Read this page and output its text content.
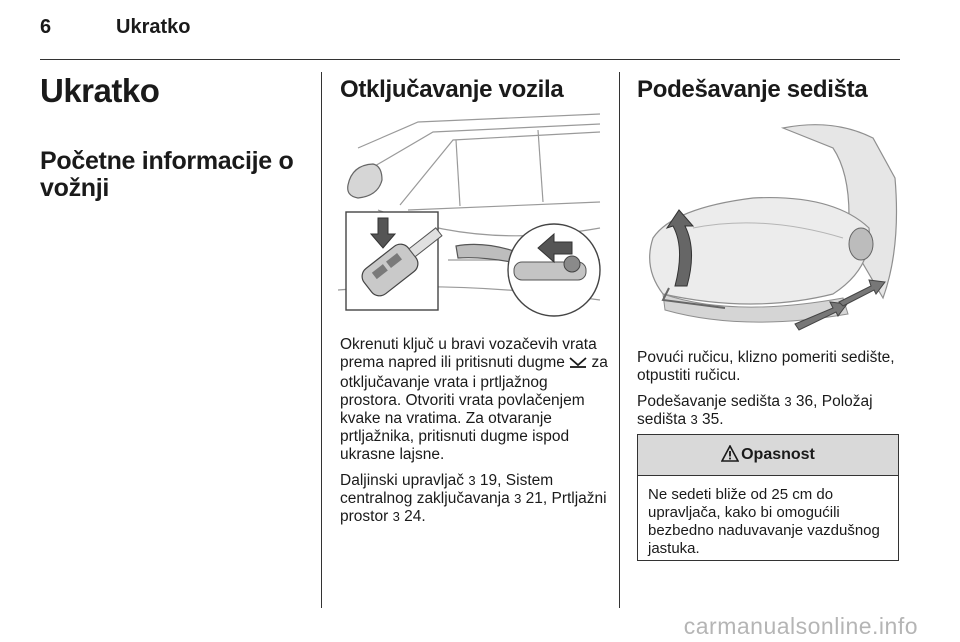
6	Ukratko
Ukratko
Početne informacije o vožnji
Otključavanje vozila

Okrenuti ključ u bravi vozačevih vrata prema napred ili pritisnuti dugme  za otključavanje vrata i prtljažnog prostora. Otvoriti vrata povlačenjem kvake na vratima. Za otvaranje prtljažnika, pritisnuti dugme ispod ukrasne lajsne.

Daljinski upravljač 3 19, Sistem centralnog zaključavanja 3 21, Prtljažni prostor 3 24.

Podešavanje sedišta

Povući ručicu, klizno pomeriti sedište, otpustiti ručicu.

Podešavanje sedišta 3 36, Položaj sedišta 3 35.

Opasnost
Ne sedeti bliže od 25 cm do upravljača, kako bi omogućili bezbedno naduvavanje vazdušnog jastuka.
carmanualsonline.info
